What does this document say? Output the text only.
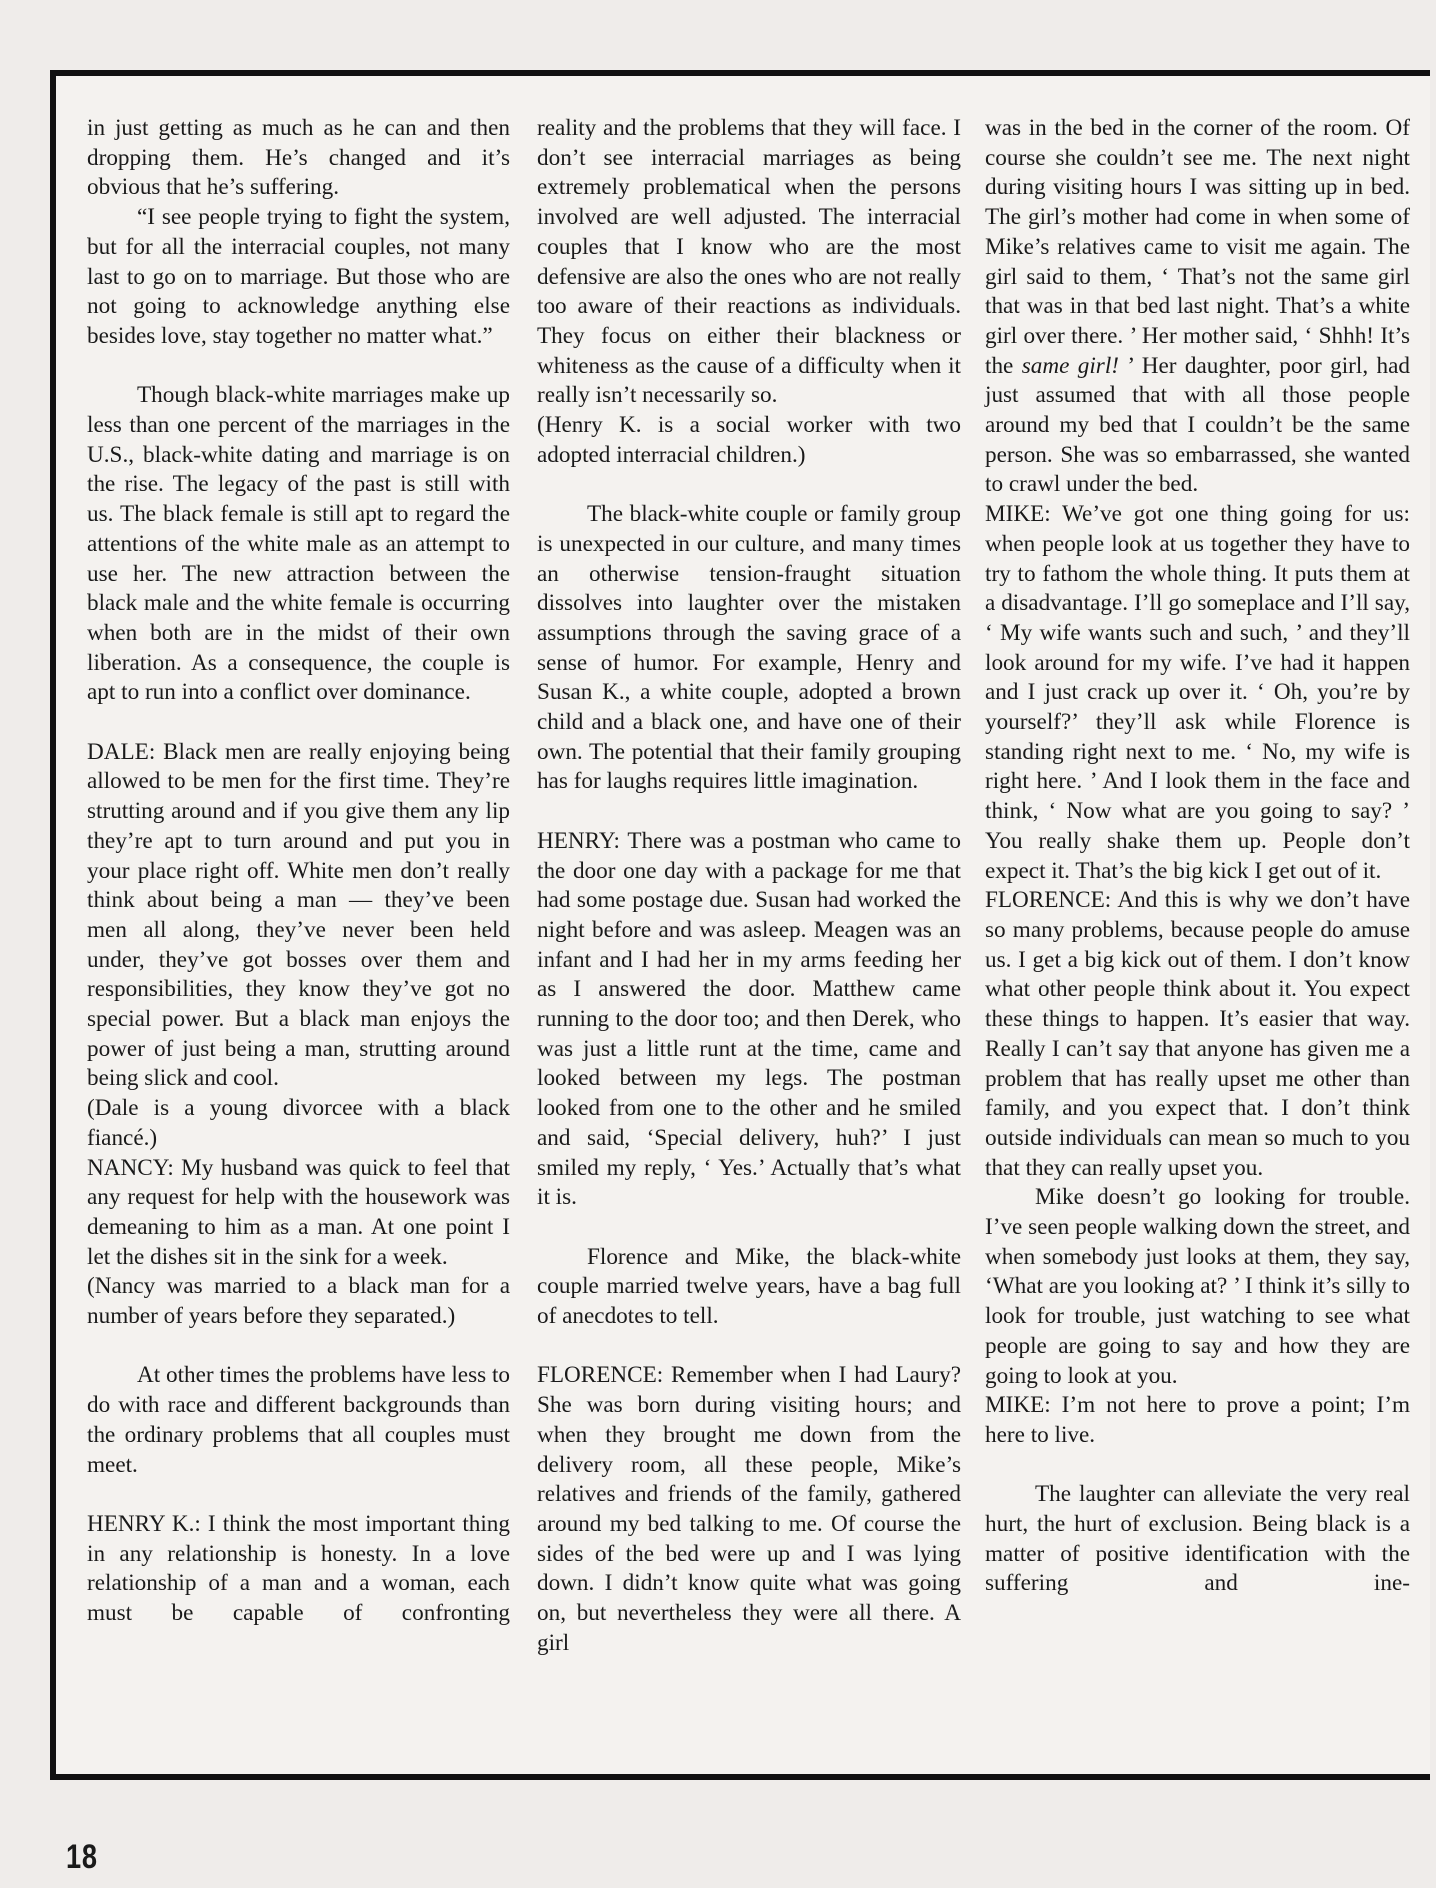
in just getting as much as he can and then dropping them. He’s changed and it’s obvious that he’s suffering.

“I see people trying to fight the system, but for all the interracial couples, not many last to go on to marriage. But those who are not going to acknowledge anything else besides love, stay together no matter what.”

Though black-white marriages make up less than one percent of the marriages in the U.S., black-white dating and marriage is on the rise. The legacy of the past is still with us. The black female is still apt to regard the attentions of the white male as an attempt to use her. The new attraction between the black male and the white female is occurring when both are in the midst of their own liberation. As a consequence, the couple is apt to run into a conflict over dominance.

DALE: Black men are really enjoying being allowed to be men for the first time. They’re strutting around and if you give them any lip they’re apt to turn around and put you in your place right off. White men don’t really think about being a man — they’ve been men all along, they’ve never been held under, they’ve got bosses over them and responsibilities, they know they’ve got no special power. But a black man enjoys the power of just being a man, strutting around being slick and cool.

(Dale is a young divorcee with a black fiancé.)

NANCY: My husband was quick to feel that any request for help with the housework was demeaning to him as a man. At one point I let the dishes sit in the sink for a week.

(Nancy was married to a black man for a number of years before they separated.)

At other times the problems have less to do with race and different backgrounds than the ordinary problems that all couples must meet.

HENRY K.: I think the most important thing in any relationship is honesty. In a love relationship of a man and a woman, each must be capable of confronting

reality and the problems that they will face. I don’t see interracial marriages as being extremely problematical when the persons involved are well adjusted. The interracial couples that I know who are the most defensive are also the ones who are not really too aware of their reactions as individuals. They focus on either their blackness or whiteness as the cause of a difficulty when it really isn’t necessarily so.

(Henry K. is a social worker with two adopted interracial children.)

The black-white couple or family group is unexpected in our culture, and many times an otherwise tension-fraught situation dissolves into laughter over the mistaken assumptions through the saving grace of a sense of humor. For example, Henry and Susan K., a white couple, adopted a brown child and a black one, and have one of their own. The potential that their family grouping has for laughs requires little imagination.

HENRY: There was a postman who came to the door one day with a package for me that had some postage due. Susan had worked the night before and was asleep. Meagen was an infant and I had her in my arms feeding her as I answered the door. Matthew came running to the door too; and then Derek, who was just a little runt at the time, came and looked between my legs. The postman looked from one to the other and he smiled and said, ‘Special delivery, huh?’ I just smiled my reply, ‘ Yes.’ Actually that’s what it is.

Florence and Mike, the black-white couple married twelve years, have a bag full of anecdotes to tell.

FLORENCE: Remember when I had Laury? She was born during visiting hours; and when they brought me down from the delivery room, all these people, Mike’s relatives and friends of the family, gathered around my bed talking to me. Of course the sides of the bed were up and I was lying down. I didn’t know quite what was going on, but nevertheless they were all there. A girl

was in the bed in the corner of the room. Of course she couldn’t see me. The next night during visiting hours I was sitting up in bed. The girl’s mother had come in when some of Mike’s relatives came to visit me again. The girl said to them, ‘ That’s not the same girl that was in that bed last night. That’s a white girl over there. ’ Her mother said, ‘ Shhh! It’s the same girl! ’ Her daughter, poor girl, had just assumed that with all those people around my bed that I couldn’t be the same person. She was so embarrassed, she wanted to crawl under the bed.

MIKE: We’ve got one thing going for us: when people look at us together they have to try to fathom the whole thing. It puts them at a disadvantage. I’ll go someplace and I’ll say, ‘ My wife wants such and such, ’ and they’ll look around for my wife. I’ve had it happen and I just crack up over it. ‘ Oh, you’re by yourself?’ they’ll ask while Florence is standing right next to me. ‘ No, my wife is right here. ’ And I look them in the face and think, ‘ Now what are you going to say? ’ You really shake them up. People don’t expect it. That’s the big kick I get out of it.

FLORENCE: And this is why we don’t have so many problems, because people do amuse us. I get a big kick out of them. I don’t know what other people think about it. You expect these things to happen. It’s easier that way. Really I can’t say that anyone has given me a problem that has really upset me other than family, and you expect that. I don’t think outside individuals can mean so much to you that they can really upset you.

Mike doesn’t go looking for trouble. I’ve seen people walking down the street, and when somebody just looks at them, they say, ‘What are you looking at? ’ I think it’s silly to look for trouble, just watching to see what people are going to say and how they are going to look at you.

MIKE: I’m not here to prove a point; I’m here to live.

The laughter can alleviate the very real hurt, the hurt of exclusion. Being black is a matter of positive identification with the suffering and ine-

18
